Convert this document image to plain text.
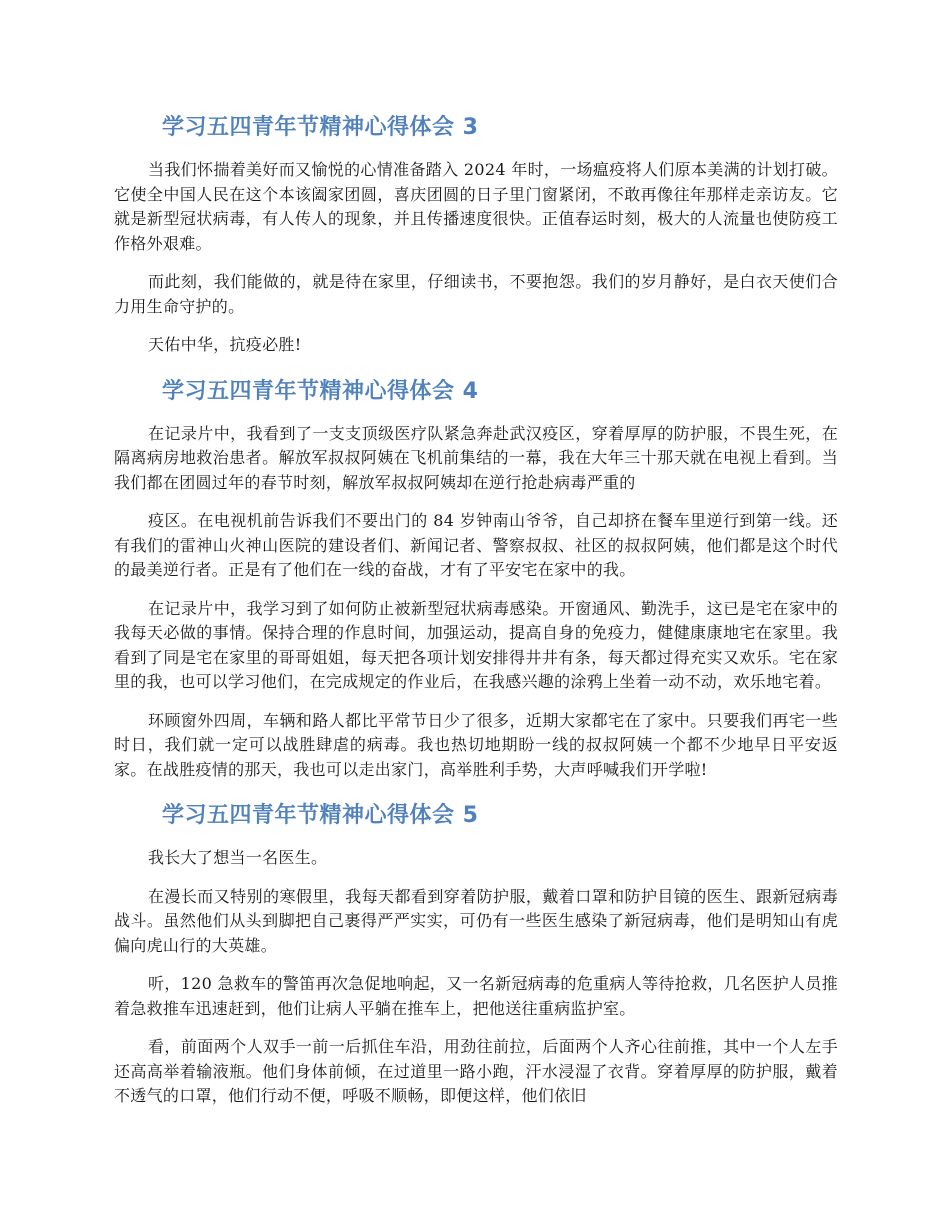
学习五四青年节精神心得体会 3

当我们怀揣着美好而又愉悦的心情准备踏入 2024 年时，一场瘟疫将人们原本美满的计划打破。它使全中国人民在这个本该阖家团圆，喜庆团圆的日子里门窗紧闭，不敢再像往年那样走亲访友。它就是新型冠状病毒，有人传人的现象，并且传播速度很快。正值春运时刻，极大的人流量也使防疫工作格外艰难。

而此刻，我们能做的，就是待在家里，仔细读书，不要抱怨。我们的岁月静好，是白衣天使们合力用生命守护的。

天佑中华，抗疫必胜!

学习五四青年节精神心得体会 4

在记录片中，我看到了一支支顶级医疗队紧急奔赴武汉疫区，穿着厚厚的防护服，不畏生死，在隔离病房地救治患者。解放军叔叔阿姨在飞机前集结的一幕，我在大年三十那天就在电视上看到。当我们都在团圆过年的春节时刻，解放军叔叔阿姨却在逆行抢赴病毒严重的

疫区。在电视机前告诉我们不要出门的 84 岁钟南山爷爷，自己却挤在餐车里逆行到第一线。还有我们的雷神山火神山医院的建设者们、新闻记者、警察叔叔、社区的叔叔阿姨，他们都是这个时代的最美逆行者。正是有了他们在一线的奋战，才有了平安宅在家中的我。

在记录片中，我学习到了如何防止被新型冠状病毒感染。开窗通风、勤洗手，这已是宅在家中的我每天必做的事情。保持合理的作息时间，加强运动，提高自身的免疫力，健健康康地宅在家里。我看到了同是宅在家里的哥哥姐姐，每天把各项计划安排得井井有条，每天都过得充实又欢乐。宅在家里的我，也可以学习他们，在完成规定的作业后，在我感兴趣的涂鸦上坐着一动不动，欢乐地宅着。

环顾窗外四周，车辆和路人都比平常节日少了很多，近期大家都宅在了家中。只要我们再宅一些时日，我们就一定可以战胜肆虐的病毒。我也热切地期盼一线的叔叔阿姨一个都不少地早日平安返家。在战胜疫情的那天，我也可以走出家门，高举胜利手势，大声呼喊我们开学啦!

学习五四青年节精神心得体会 5

我长大了想当一名医生。

在漫长而又特别的寒假里，我每天都看到穿着防护服，戴着口罩和防护目镜的医生、跟新冠病毒战斗。虽然他们从头到脚把自己裹得严严实实，可仍有一些医生感染了新冠病毒，他们是明知山有虎偏向虎山行的大英雄。

听，120 急救车的警笛再次急促地响起，又一名新冠病毒的危重病人等待抢救，几名医护人员推着急救推车迅速赶到，他们让病人平躺在推车上，把他送往重病监护室。

看，前面两个人双手一前一后抓住车沿，用劲往前拉，后面两个人齐心往前推，其中一个人左手还高高举着输液瓶。他们身体前倾，在过道里一路小跑，汗水浸湿了衣背。穿着厚厚的防护服，戴着不透气的口罩，他们行动不便，呼吸不顺畅，即便这样，他们依旧
